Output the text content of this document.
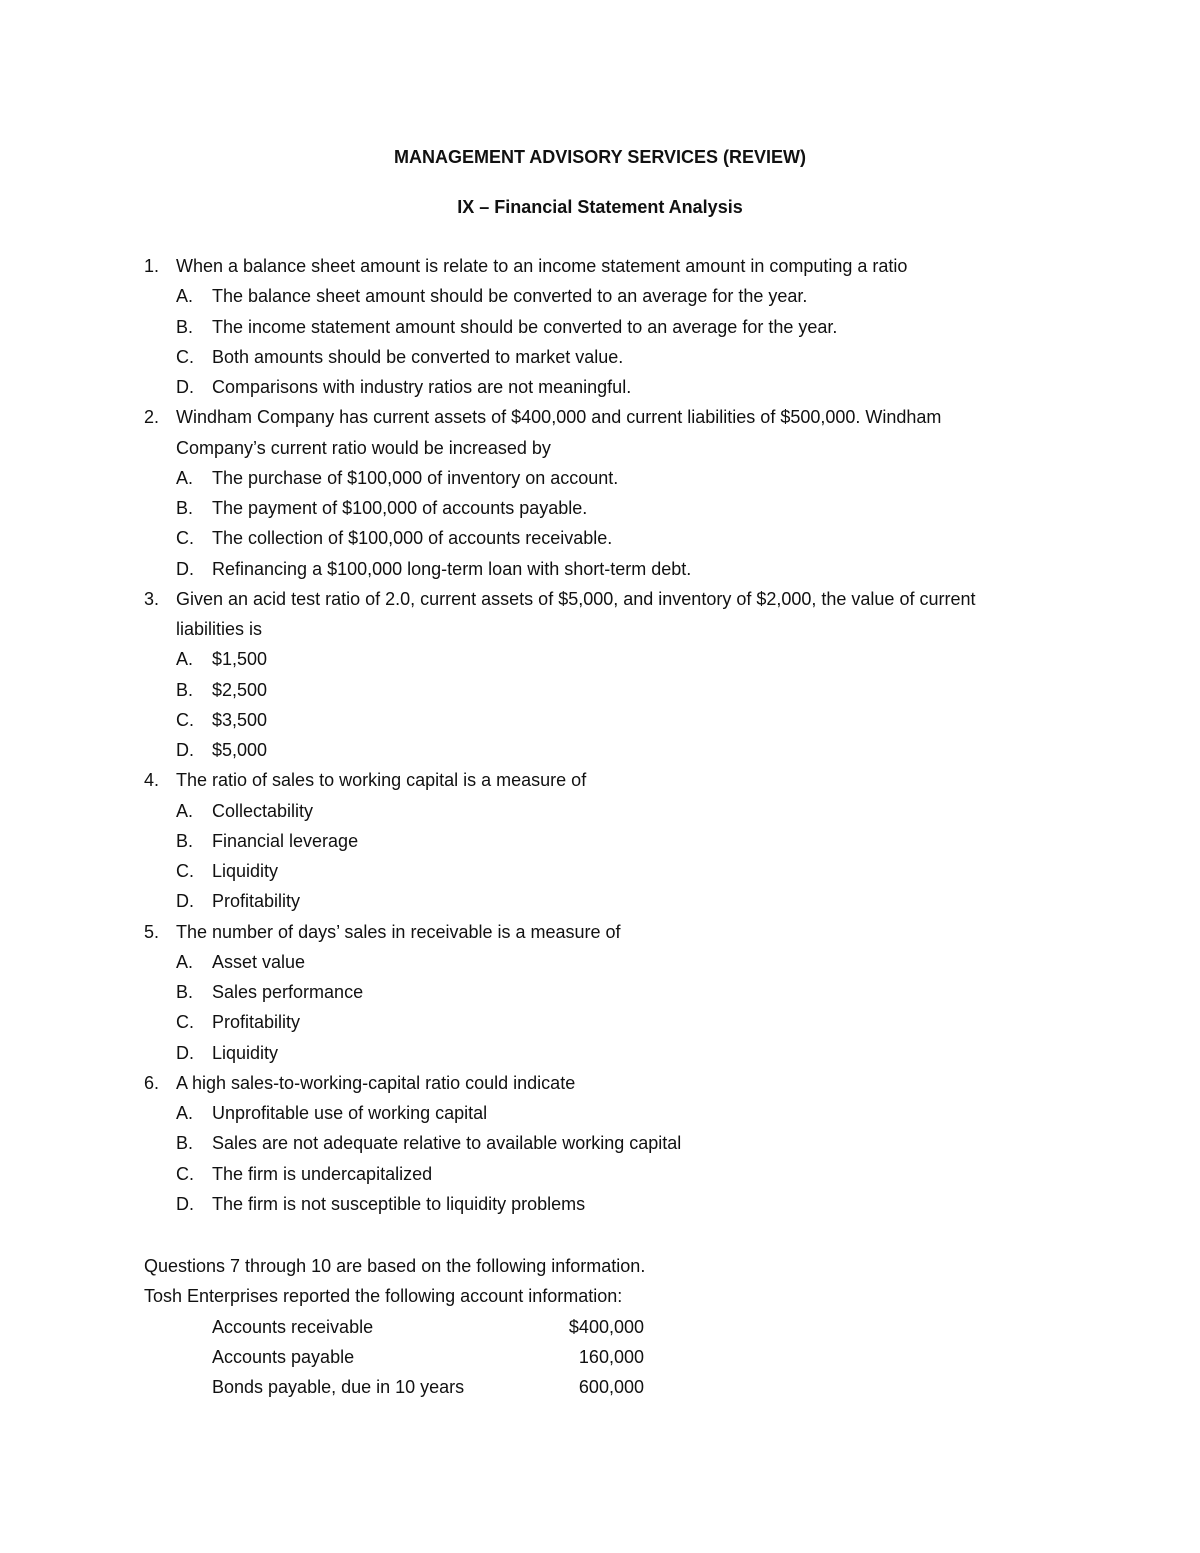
MANAGEMENT ADVISORY SERVICES (REVIEW)
IX – Financial Statement Analysis
1. When a balance sheet amount is relate to an income statement amount in computing a ratio
A. The balance sheet amount should be converted to an average for the year.
B. The income statement amount should be converted to an average for the year.
C. Both amounts should be converted to market value.
D. Comparisons with industry ratios are not meaningful.
2. Windham Company has current assets of $400,000 and current liabilities of $500,000. Windham
Company’s current ratio would be increased by
A. The purchase of $100,000 of inventory on account.
B. The payment of $100,000 of accounts payable.
C. The collection of $100,000 of accounts receivable.
D. Refinancing a $100,000 long-term loan with short-term debt.
3. Given an acid test ratio of 2.0, current assets of $5,000, and inventory of $2,000, the value of current
liabilities is
A. $1,500
B. $2,500
C. $3,500
D. $5,000
4. The ratio of sales to working capital is a measure of
A. Collectability
B. Financial leverage
C. Liquidity
D. Profitability
5. The number of days’ sales in receivable is a measure of
A. Asset value
B. Sales performance
C. Profitability
D. Liquidity
6. A high sales-to-working-capital ratio could indicate
A. Unprofitable use of working capital
B. Sales are not adequate relative to available working capital
C. The firm is undercapitalized
D. The firm is not susceptible to liquidity problems
Questions 7 through 10 are based on the following information.
Tosh Enterprises reported the following account information:
Accounts receivable	$400,000
Accounts payable	160,000
Bonds payable, due in 10 years	600,000
